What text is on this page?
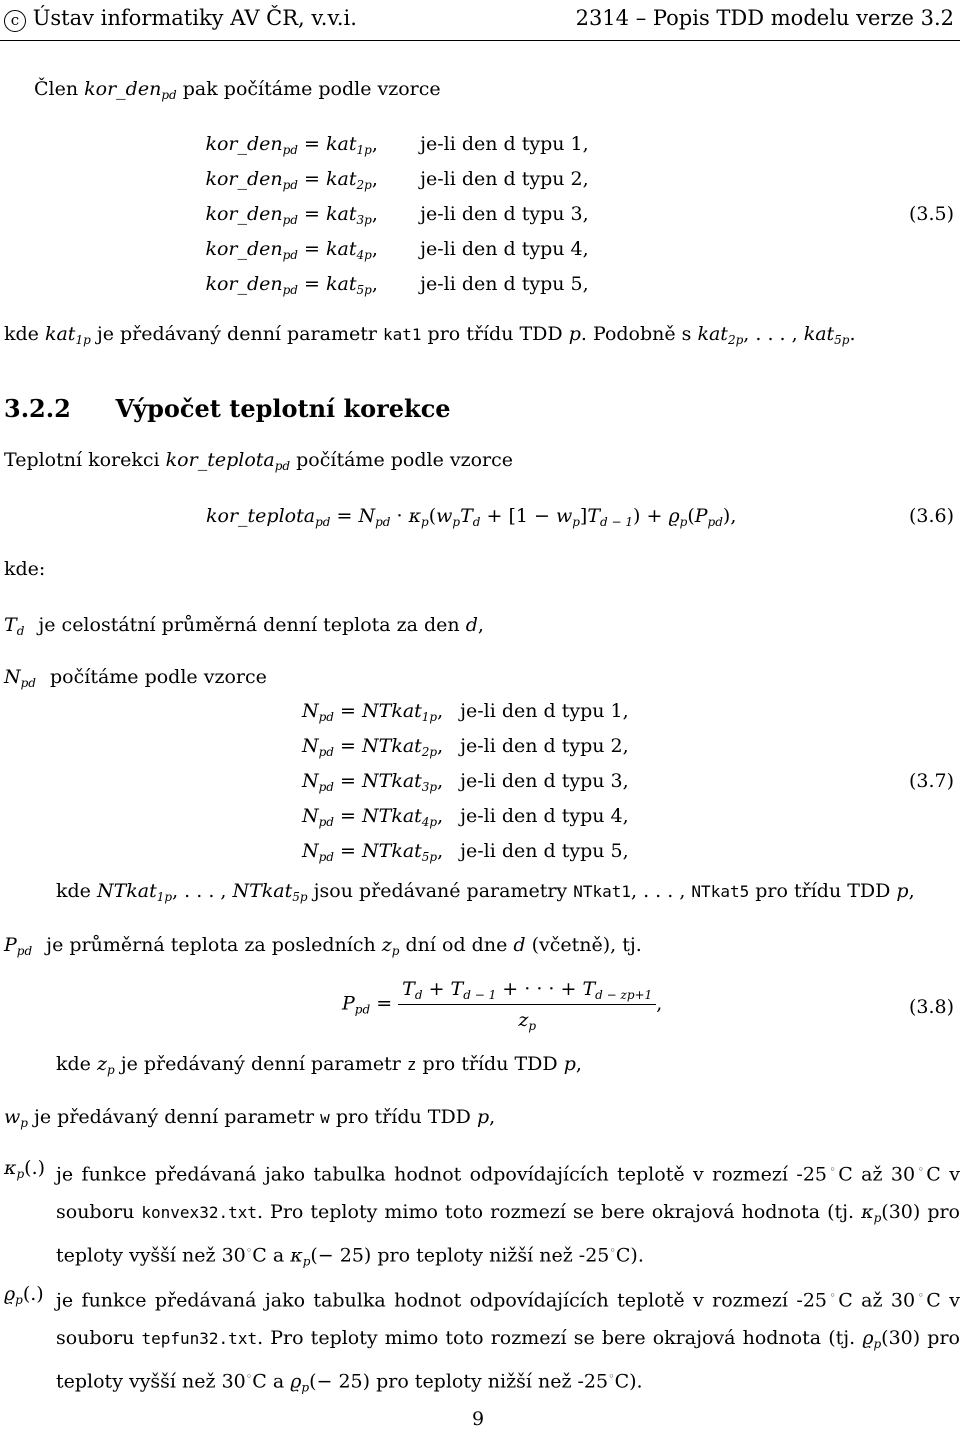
c Ústav informatiky AV ČR, v.v.i.	2314 – Popis TDD modelu verze 3.2
Člen kor_den$_{pd}$ pak počítáme podle vzorce
kor_den$_{pd}$ = kat$_{1p}$, je-li den d typu 1,
kor_den$_{pd}$ = kat$_{2p}$, je-li den d typu 2,
kor_den$_{pd}$ = kat$_{3p}$, je-li den d typu 3,
kor_den$_{pd}$ = kat$_{4p}$, je-li den d typu 4,
kor_den$_{pd}$ = kat$_{5p}$, je-li den d typu 5,
(3.5)
kde kat$_{1p}$ je předávaný denní parametr kat1 pro třídu TDD p. Podobně s kat$_{2p}$, . . . , kat$_{5p}$.
3.2.2 Výpočet teplotní korekce
Teplotní korekci kor_teplota$_{pd}$ počítáme podle vzorce
kor_teplota$_{pd}$ = $N_{pd} \cdot \kappa_p(w_pT_d + [1 - w_p]T_{d - 1}) + ϱ_p(P_{pd})$,	(3.6)
kde:
$T_d$ je celostátní průměrná denní teplota za den d,
$N_{pd}$ počítáme podle vzorce
$N_{pd}$ = NTkat$_{1p}$, je-li den d typu 1,
$N_{pd}$ = NTkat$_{2p}$, je-li den d typu 2,
$N_{pd}$ = NTkat$_{3p}$, je-li den d typu 3,
$N_{pd}$ = NTkat$_{4p}$, je-li den d typu 4,
$N_{pd}$ = NTkat$_{5p}$, je-li den d typu 5,
(3.7)
kde NTkat$_{1p}$, . . . , NTkat$_{5p}$ jsou předávané parametry NTkat1, . . . , NTkat5 pro třídu TDD p,
$P_{pd}$ je průměrná teplota za posledních $z_p$ dní od dne d (včetně), tj.
$P_{pd} = \frac{T_d + T_{d - 1} + \cdot \cdot \cdot + T_{d - zp+1}}{z_p}$ ,	(3.8)
kde $z_p$ je předávaný denní parametr z pro třídu TDD p,
$w_p$ je předávaný denní parametr w pro třídu TDD p,
$\kappa_p(.)$ je funkce předávaná jako tabulka hodnot odpovídajících teplotě v rozmezí -25◦C až 30◦C v souboru konvex32.txt. Pro teploty mimo toto rozmezí se bere okrajová hodnota (tj. $\kappa_p(30)$ pro teploty vyšší než 30◦C a $\kappa_p(- 25)$ pro teploty nižší než -25◦C).
$ϱ_p(.)$ je funkce předávaná jako tabulka hodnot odpovídajících teplotě v rozmezí -25◦C až 30◦C v souboru tepfun32.txt. Pro teploty mimo toto rozmezí se bere okrajová hodnota (tj. $ϱ_p(30)$ pro teploty vyšší než 30◦C a $ϱ_p(- 25)$ pro teploty nižší než -25◦C).
9
